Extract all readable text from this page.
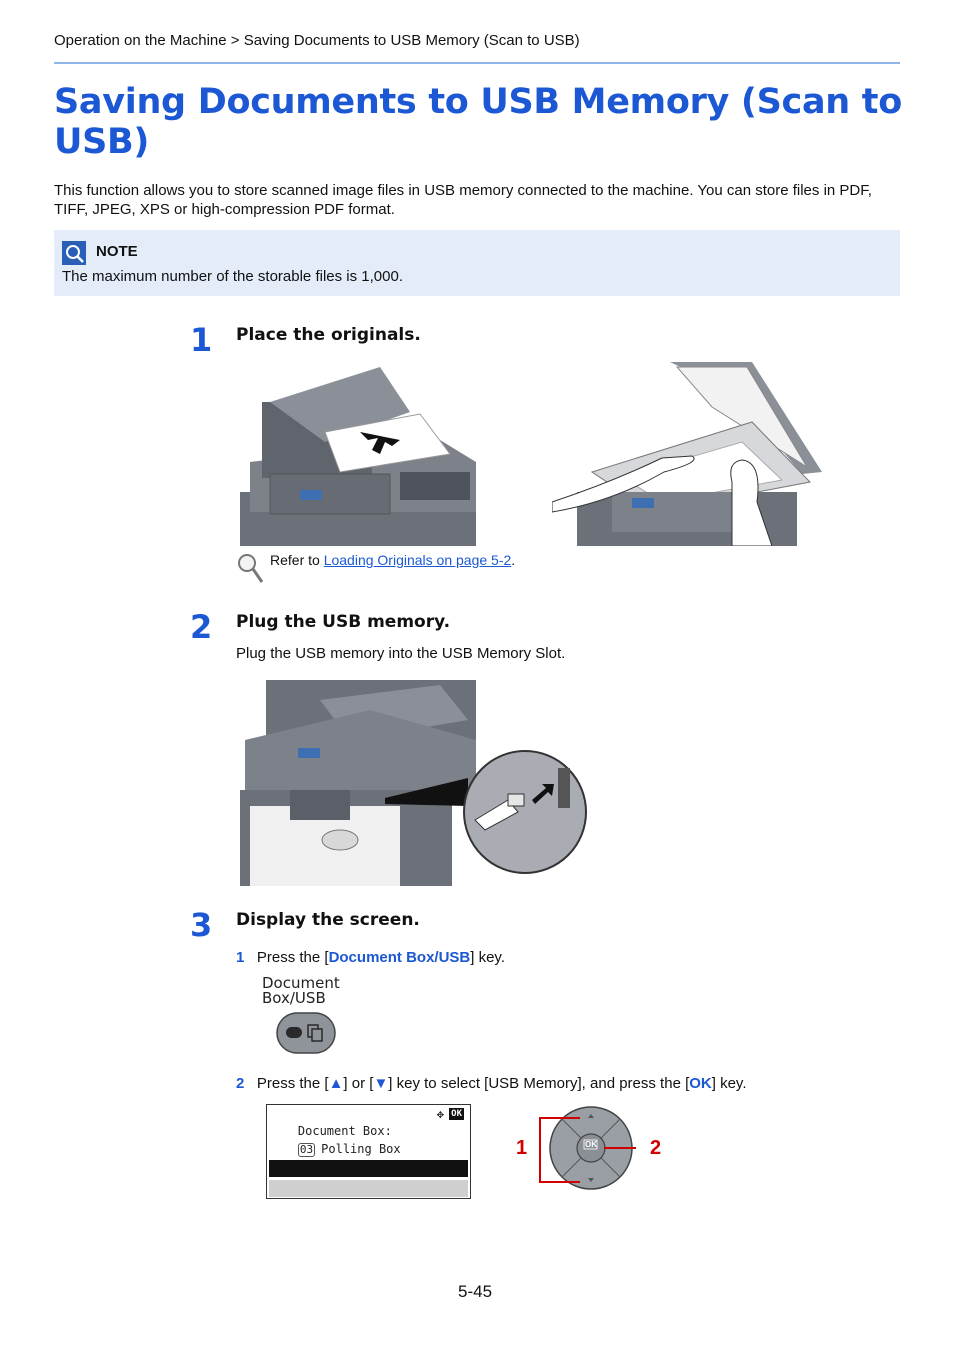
Operation on the Machine > Saving Documents to USB Memory (Scan to USB)
Saving Documents to USB Memory (Scan to USB)
This function allows you to store scanned image files in USB memory connected to the machine. You can store files in PDF, TIFF, JPEG, XPS or high-compression PDF format.
NOTE
The maximum number of the storable files is 1,000.
1 Place the originals.
Refer to Loading Originals on page 5-2.
2 Plug the USB memory.
Plug the USB memory into the USB Memory Slot.
3 Display the screen.
1 Press the [Document Box/USB] key.
Document
Box/USB
2 Press the [▲] or [▼] key to select [USB Memory], and press the [OK] key.

Document Box:

✥

OK

03 Polling Box

	OK
1	2
5-45
